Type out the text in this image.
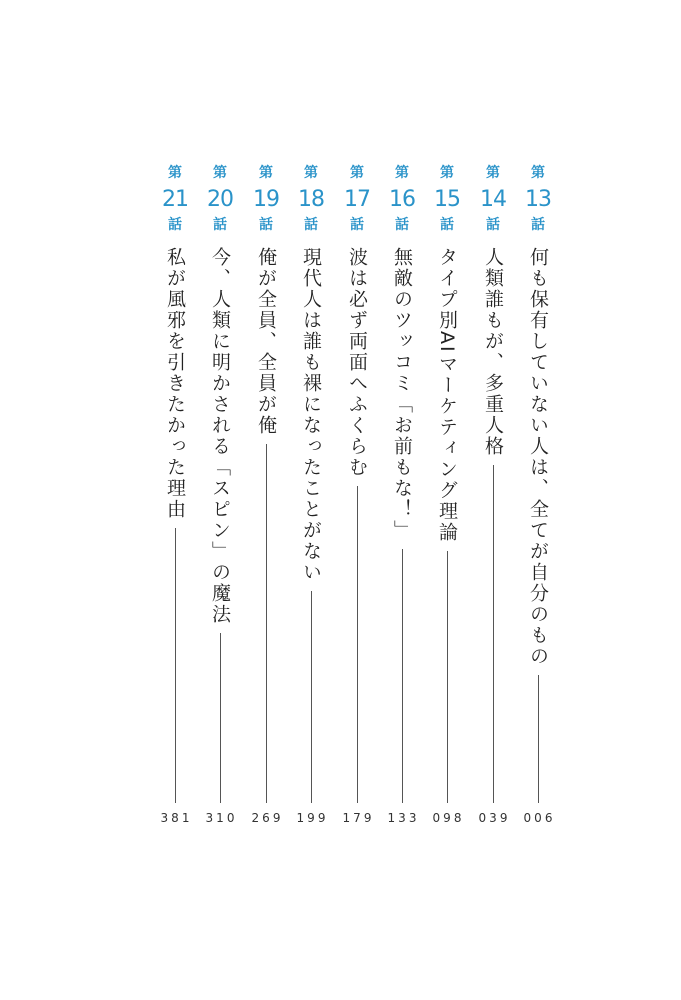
第
13
話
何も保有していない人は、全てが自分のもの
006
第
14
話
人類誰もが、多重人格
039
第
15
話
タイプ別AIマーケティング理論
098
第
16
話
無敵のツッコミ「お前もな！」
133
第
17
話
波は必ず両面へふくらむ
179
第
18
話
現代人は誰も裸になったことがない
199
第
19
話
俺が全員、全員が俺
269
第
20
話
今、人類に明かされる「スピン」の魔法
310
第
21
話
私が風邪を引きたかった理由
381
